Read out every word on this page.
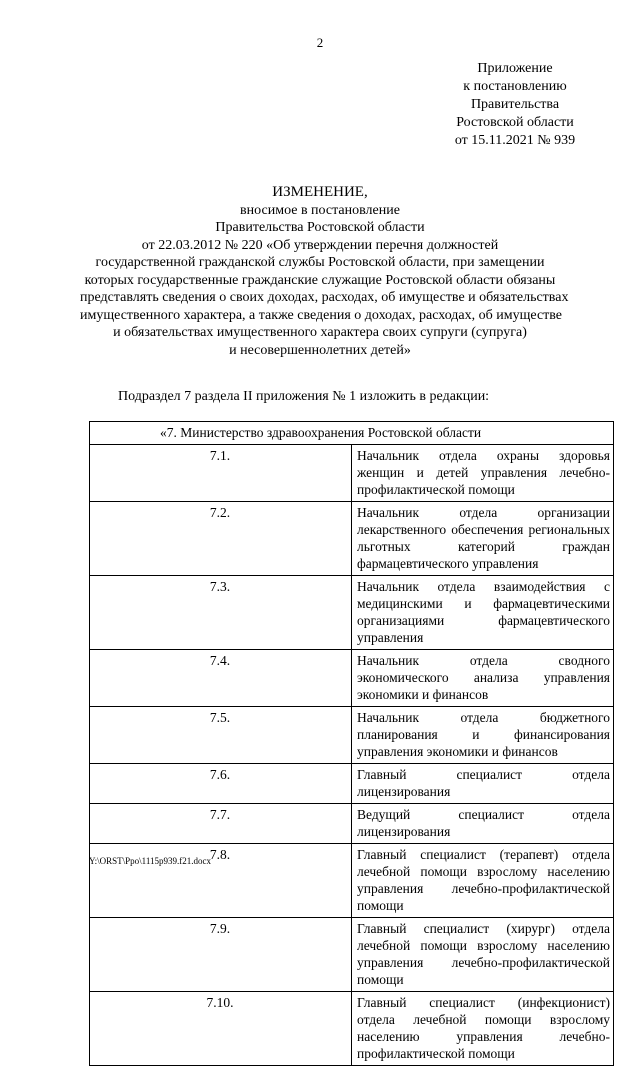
2
Приложение
к постановлению
Правительства
Ростовской области
от 15.11.2021 № 939
ИЗМЕНЕНИЕ,
вносимое в постановление
Правительства Ростовской области
от 22.03.2012 № 220 «Об утверждении перечня должностей
государственной гражданской службы Ростовской области, при замещении
которых государственные гражданские служащие Ростовской области обязаны
представлять сведения о своих доходах, расходах, об имуществе и обязательствах
имущественного характера, а также сведения о доходах, расходах, об имуществе
и обязательствах имущественного характера своих супруги (супруга)
и несовершеннолетних детей»
Подраздел 7 раздела II приложения № 1 изложить в редакции:
«7. Министерство здравоохранения Ростовской области	
7.1.	Начальник отдела охраны здоровья женщин и детей управления лечебно-профилактической помощи
7.2.	Начальник отдела организации лекарственного обеспечения региональных льготных категорий граждан фармацевтического управления
7.3.	Начальник отдела взаимодействия с медицинскими и фармацевтическими организациями фармацевтического управления
7.4.	Начальник отдела сводного экономического анализа управления экономики и финансов
7.5.	Начальник отдела бюджетного планирования и финансирования управления экономики и финансов
7.6.	Главный специалист отдела лицензирования
7.7.	Ведущий специалист отдела лицензирования
7.8.	Главный специалист (терапевт) отдела лечебной помощи взрослому населению управления лечебно-профилактической помощи
7.9.	Главный специалист (хирург) отдела лечебной помощи взрослому населению управления лечебно-профилактической помощи
7.10.	Главный специалист (инфекционист) отдела лечебной помощи взрослому населению управления лечебно-профилактической помощи
Y:\ORST\Ppo\1115p939.f21.docx
